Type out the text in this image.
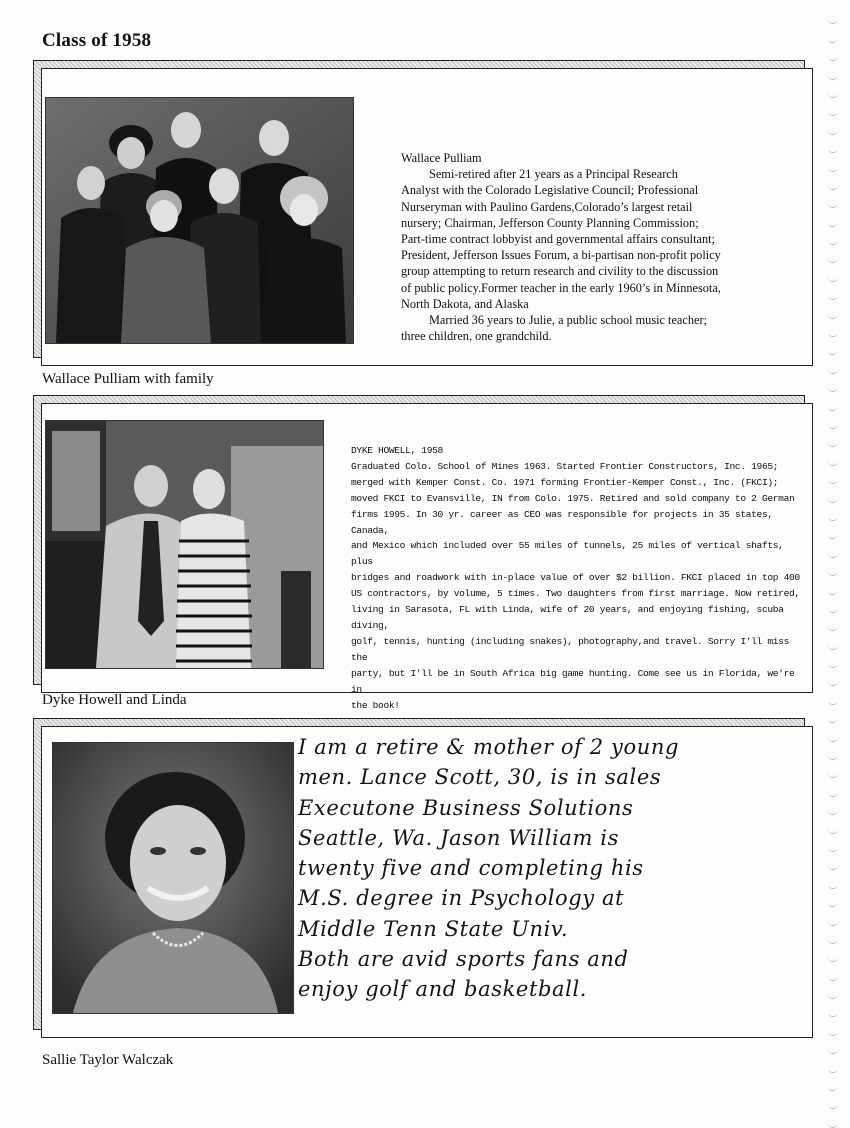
Class of 1958

Wallace Pulliam

Semi-retired after 21 years as a Principal Research

Analyst with the Colorado Legislative Council; Professional

Nurseryman with Paulino Gardens,Colorado’s largest retail

nursery; Chairman, Jefferson County Planning Commission;

Part-time contract lobbyist and governmental affairs consultant;

President, Jefferson Issues Forum, a bi-partisan non-profit policy

group attempting to return research and civility to the discussion

of public policy.Former teacher in the early 1960’s in Minnesota,

North Dakota, and Alaska

Married 36 years to Julie, a public school music teacher;

three children, one grandchild.

Wallace Pulliam with family

DYKE HOWELL, 1958

Graduated Colo. School of Mines 1963. Started Frontier Constructors, Inc. 1965;

merged with Kemper Const. Co. 1971 forming Frontier-Kemper Const., Inc. (FKCI);

moved FKCI to Evansville, IN from Colo. 1975. Retired and sold company to 2 German

firms 1995. In 30 yr. career as CEO was responsible for projects in 35 states, Canada,

and Mexico which included over 55 miles of tunnels, 25 miles of vertical shafts, plus

bridges and roadwork with in-place value of over $2 billion. FKCI placed in top 400

US contractors, by volume, 5 times. Two daughters from first marriage. Now retired,

living in Sarasota, FL with Linda, wife of 20 years, and enjoying fishing, scuba diving,

golf, tennis, hunting (including snakes), photography,and travel. Sorry I'll miss the

party, but I'll be in South Africa big game hunting. Come see us in Florida, we're in

the book!

Dyke Howell and Linda

I am a retire & mother of 2 young

men. Lance Scott, 30, is in sales

Executone Business Solutions

Seattle, Wa. Jason William is

twenty five and completing his

M.S. degree in Psychology at

Middle Tenn State Univ.

Both are avid sports fans and

enjoy golf and basketball.

Sallie Taylor Walczak
